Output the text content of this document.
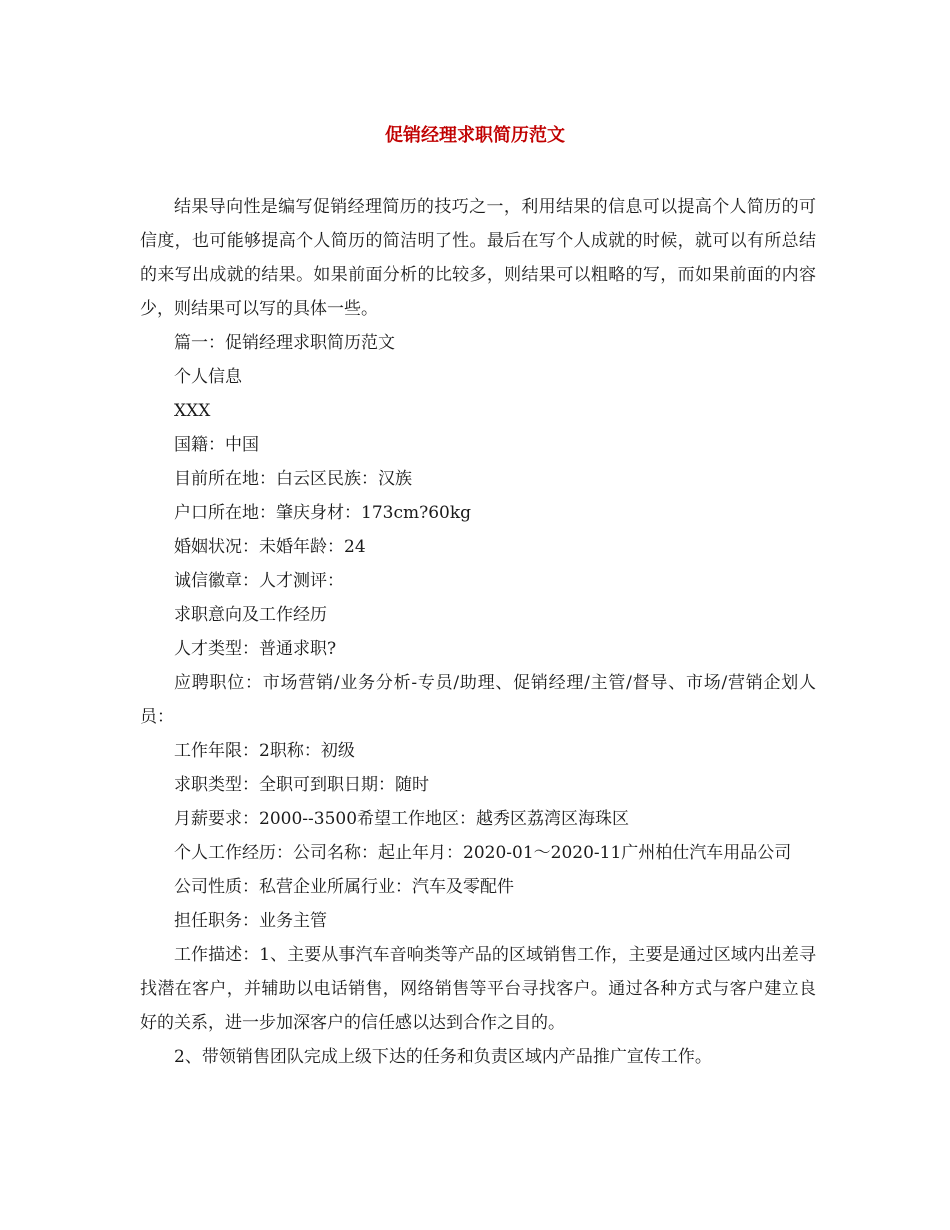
促销经理求职简历范文

结果导向性是编写促销经理简历的技巧之一，利用结果的信息可以提高个人简历的可信度，也可能够提高个人简历的简洁明了性。最后在写个人成就的时候，就可以有所总结的来写出成就的结果。如果前面分析的比较多，则结果可以粗略的写，而如果前面的内容少，则结果可以写的具体一些。

篇一：促销经理求职简历范文

个人信息

XXX

国籍：中国

目前所在地：白云区民族：汉族

户口所在地：肇庆身材：173cm?60kg

婚姻状况：未婚年龄：24

诚信徽章：人才测评：

求职意向及工作经历

人才类型：普通求职?

应聘职位：市场营销/业务分析-专员/助理、促销经理/主管/督导、市场/营销企划人员：

工作年限：2职称：初级

求职类型：全职可到职日期：随时

月薪要求：2000--3500希望工作地区：越秀区荔湾区海珠区

个人工作经历：公司名称：起止年月：2020-01～2020-11广州柏仕汽车用品公司

公司性质：私营企业所属行业：汽车及零配件

担任职务：业务主管

工作描述：1、主要从事汽车音响类等产品的区域销售工作，主要是通过区域内出差寻找潜在客户，并辅助以电话销售，网络销售等平台寻找客户。通过各种方式与客户建立良好的关系，进一步加深客户的信任感以达到合作之目的。

2、带领销售团队完成上级下达的任务和负责区域内产品推广宣传工作。
